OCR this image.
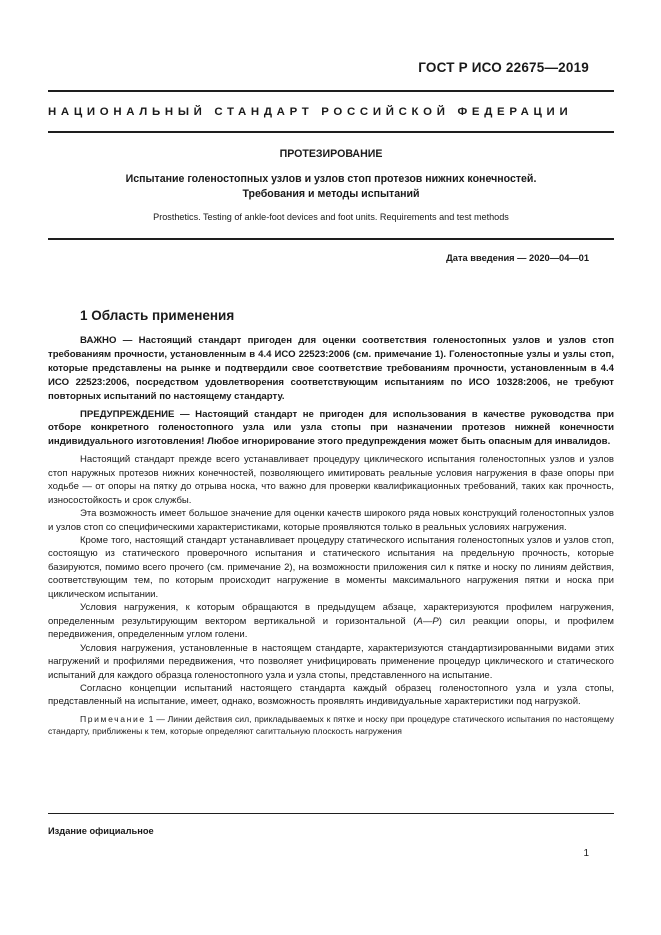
ГОСТ Р ИСО 22675—2019
НАЦИОНАЛЬНЫЙ СТАНДАРТ РОССИЙСКОЙ ФЕДЕРАЦИИ
ПРОТЕЗИРОВАНИЕ
Испытание голеностопных узлов и узлов стоп протезов нижних конечностей.
Требования и методы испытаний
Prosthetics. Testing of ankle-foot devices and foot units. Requirements and test methods
Дата введения — 2020—04—01
1 Область применения

ВАЖНО — Настоящий стандарт пригоден для оценки соответствия голеностопных узлов и узлов стоп требованиям прочности, установленным в 4.4 ИСО 22523:2006 (см. примечание 1). Голеностопные узлы и узлы стоп, которые представлены на рынке и подтвердили свое соответствие требованиям прочности, установленным в 4.4 ИСО 22523:2006, посредством удовлетворения соответствующим испытаниям по ИСО 10328:2006, не требуют повторных испытаний по настоящему стандарту.

ПРЕДУПРЕЖДЕНИЕ — Настоящий стандарт не пригоден для использования в качестве руководства при отборе конкретного голеностопного узла или узла стопы при назначении протезов нижней конечности индивидуального изготовления! Любое игнорирование этого предупреждения может быть опасным для инвалидов.

Настоящий стандарт прежде всего устанавливает процедуру циклического испытания голеностопных узлов и узлов стоп наружных протезов нижних конечностей, позволяющего имитировать реальные условия нагружения в фазе опоры при ходьбе — от опоры на пятку до отрыва носка, что важно для проверки квалификационных требований, таких как прочность, износостойкость и срок службы.

Эта возможность имеет большое значение для оценки качеств широкого ряда новых конструкций голеностопных узлов и узлов стоп со специфическими характеристиками, которые проявляются только в реальных условиях нагружения.

Кроме того, настоящий стандарт устанавливает процедуру статического испытания голеностопных узлов и узлов стоп, состоящую из статического проверочного испытания и статического испытания на предельную прочность, которые базируются, помимо всего прочего (см. примечание 2), на возможности приложения сил к пятке и носку по линиям действия, соответствующим тем, по которым происходит нагружение в моменты максимального нагружения пятки и носка при циклическом испытании.

Условия нагружения, к которым обращаются в предыдущем абзаце, характеризуются профилем нагружения, определенным результирующим вектором вертикальной и горизонтальной (A—P) сил реакции опоры, и профилем передвижения, определенным углом голени.

Условия нагружения, установленные в настоящем стандарте, характеризуются стандартизированными видами этих нагружений и профилями передвижения, что позволяет унифицировать применение процедур циклического и статического испытаний для каждого образца голеностопного узла и узла стопы, представленного на испытание.

Согласно концепции испытаний настоящего стандарта каждый образец голеностопного узла и узла стопы, представленный на испытание, имеет, однако, возможность проявлять индивидуальные характеристики под нагрузкой.

Примечание 1 — Линии действия сил, прикладываемых к пятке и носку при процедуре статического испытания по настоящему стандарту, приближены к тем, которые определяют сагиттальную плоскость нагружения

Издание официальное
1
